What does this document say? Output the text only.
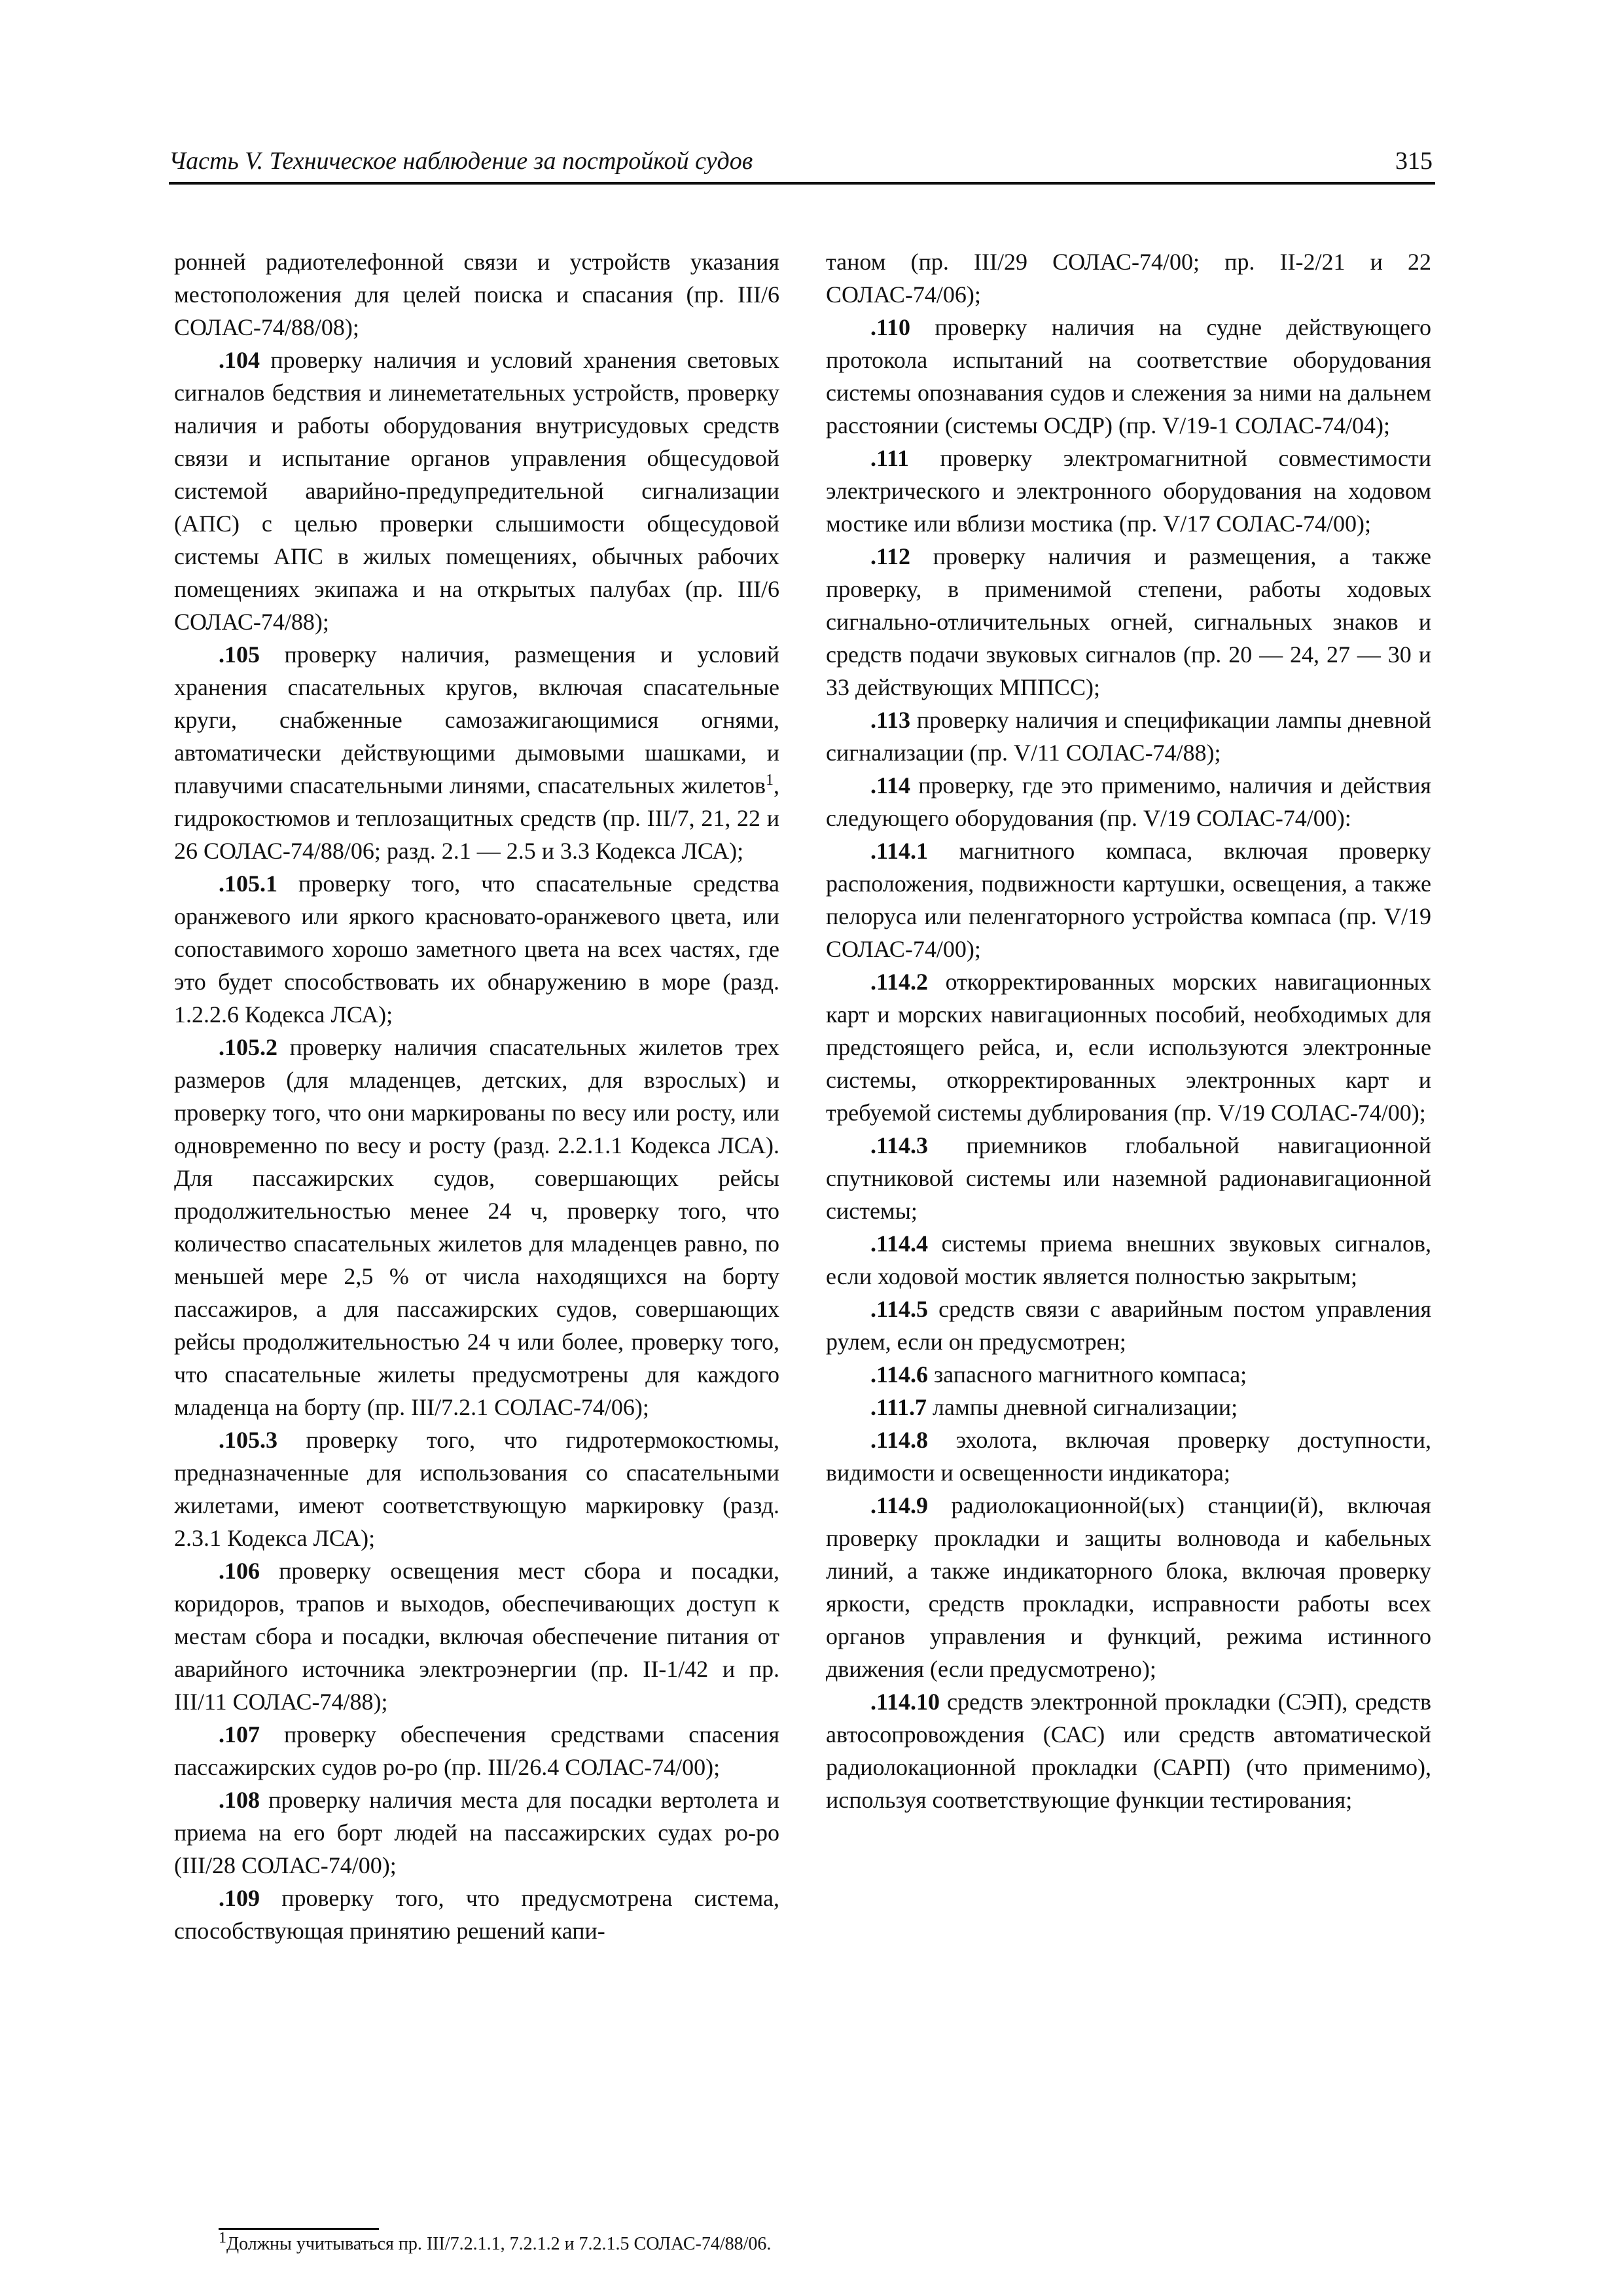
Часть V. Техническое наблюдение за постройкой судов	315

ронней радиотелефонной связи и устройств указания местоположения для целей поиска и спасания (пр. III/6 СОЛАС-74/88/08);

.104 проверку наличия и условий хранения световых сигналов бедствия и линеметательных устройств, проверку наличия и работы оборудования внутрисудовых средств связи и испытание органов управления общесудовой системой аварийно-предупредительной сигнализации (АПС) с целью проверки слышимости общесудовой системы АПС в жилых помещениях, обычных рабочих помещениях экипажа и на открытых палубах (пр. III/6 СОЛАС-74/88);

.105 проверку наличия, размещения и условий хранения спасательных кругов, включая спасательные круги, снабженные самозажигающимися огнями, автоматически действующими дымовыми шашками, и плавучими спасательными линями, спасательных жилетов$^1$, гидрокостюмов и теплозащитных средств (пр. III/7, 21, 22 и 26 СОЛАС-74/88/06; разд. 2.1 — 2.5 и 3.3 Кодекса ЛСА);

.105.1 проверку того, что спасательные средства оранжевого или яркого красновато-оранжевого цвета, или сопоставимого хорошо заметного цвета на всех частях, где это будет способствовать их обнаружению в море (разд. 1.2.2.6 Кодекса ЛСА);

.105.2 проверку наличия спасательных жилетов трех размеров (для младенцев, детских, для взрослых) и проверку того, что они маркированы по весу или росту, или одновременно по весу и росту (разд. 2.2.1.1 Кодекса ЛСА). Для пассажирских судов, совершающих рейсы продолжительностью менее 24 ч, проверку того, что количество спасательных жилетов для младенцев равно, по меньшей мере 2,5 % от числа находящихся на борту пассажиров, а для пассажирских судов, совершающих рейсы продолжительностью 24 ч или более, проверку того, что спасательные жилеты предусмотрены для каждого младенца на борту (пр. III/7.2.1 СОЛАС-74/06);

.105.3 проверку того, что гидротермокостюмы, предназначенные для использования со спасательными жилетами, имеют соответствующую маркировку (разд. 2.3.1 Кодекса ЛСА);

.106 проверку освещения мест сбора и посадки, коридоров, трапов и выходов, обеспечивающих доступ к местам сбора и посадки, включая обеспечение питания от аварийного источника электроэнергии (пр. II-1/42 и пр. III/11 СОЛАС-74/88);

.107 проверку обеспечения средствами спасения пассажирских судов ро-ро (пр. III/26.4 СОЛАС-74/00);

.108 проверку наличия места для посадки вертолета и приема на его борт людей на пассажирских судах ро-ро (III/28 СОЛАС-74/00);

.109 проверку того, что предусмотрена система, способствующая принятию решений капи-

таном (пр. III/29 СОЛАС-74/00; пр. II-2/21 и 22 СОЛАС-74/06);

.110 проверку наличия на судне действующего протокола испытаний на соответствие оборудования системы опознавания судов и слежения за ними на дальнем расстоянии (системы ОСДР) (пр. V/19-1 СОЛАС-74/04);

.111 проверку электромагнитной совместимости электрического и электронного оборудования на ходовом мостике или вблизи мостика (пр. V/17 СОЛАС-74/00);

.112 проверку наличия и размещения, а также проверку, в применимой степени, работы ходовых сигнально-отличительных огней, сигнальных знаков и средств подачи звуковых сигналов (пр. 20 — 24, 27 — 30 и 33 действующих МППСС);

.113 проверку наличия и спецификации лампы дневной сигнализации (пр. V/11 СОЛАС-74/88);

.114 проверку, где это применимо, наличия и действия следующего оборудования (пр. V/19 СОЛАС-74/00):

.114.1 магнитного компаса, включая проверку расположения, подвижности картушки, освещения, а также пелоруса или пеленгаторного устройства компаса (пр. V/19 СОЛАС-74/00);

.114.2 откорректированных морских навигационных карт и морских навигационных пособий, необходимых для предстоящего рейса, и, если используются электронные системы, откорректированных электронных карт и требуемой системы дублирования (пр. V/19 СОЛАС-74/00);

.114.3 приемников глобальной навигационной спутниковой системы или наземной радионавигационной системы;

.114.4 системы приема внешних звуковых сигналов, если ходовой мостик является полностью закрытым;

.114.5 средств связи с аварийным постом управления рулем, если он предусмотрен;

.114.6 запасного магнитного компаса;

.111.7 лампы дневной сигнализации;

.114.8 эхолота, включая проверку доступности, видимости и освещенности индикатора;

.114.9 радиолокационной(ых) станции(й), включая проверку прокладки и защиты волновода и кабельных линий, а также индикаторного блока, включая проверку яркости, средств прокладки, исправности работы всех органов управления и функций, режима истинного движения (если предусмотрено);

.114.10 средств электронной прокладки (СЭП), средств автосопровождения (САС) или средств автоматической радиолокационной прокладки (САРП) (что применимо), используя соответствующие функции тестирования;

$^1$Должны учитываться пр. III/7.2.1.1, 7.2.1.2 и 7.2.1.5 СОЛАС-74/88/06.
